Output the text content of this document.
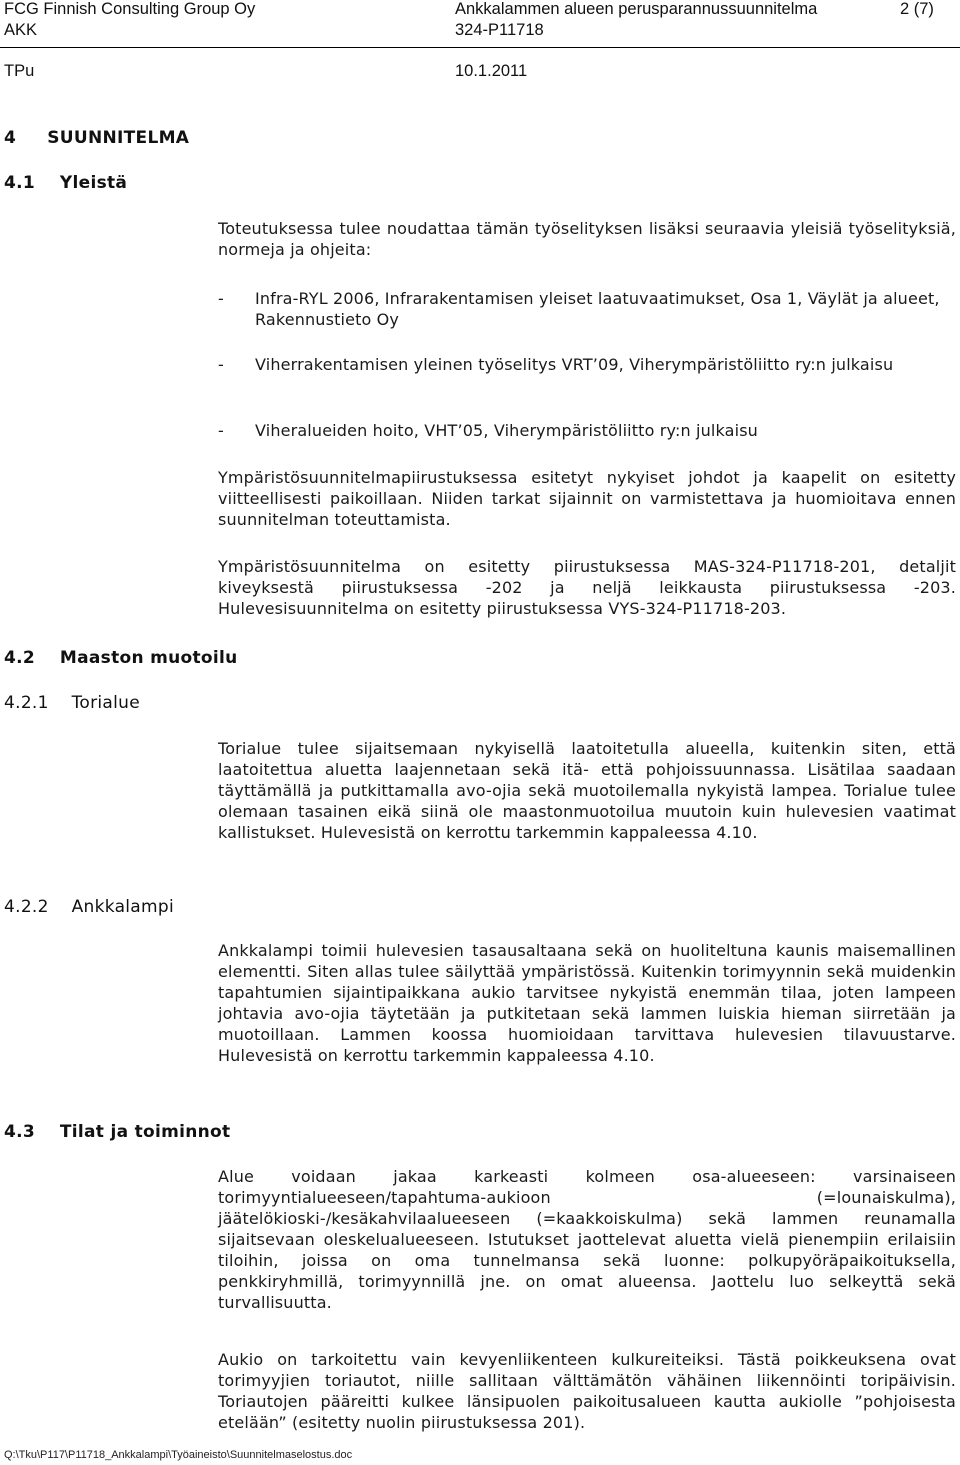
FCG Finnish Consulting Group Oy	Ankkalammen alueen perusparannussuunnitelma	2 (7)
AKK	324-P11718
TPu	10.1.2011
4     SUUNNITELMA
4.1    Yleistä
Toteutuksessa tulee noudattaa tämän työselityksen lisäksi seuraavia yleisiä työselityksiä, normeja ja ohjeita:
- Infra-RYL 2006, Infrarakentamisen yleiset laatuvaatimukset, Osa 1, Väylät ja alueet, Rakennustieto Oy
- Viherrakentamisen yleinen työselitys VRT’09, Viherympäristöliitto ry:n julkaisu
- Viheralueiden hoito, VHT’05, Viherympäristöliitto ry:n julkaisu
Ympäristösuunnitelmapiirustuksessa esitetyt nykyiset johdot ja kaapelit on esitetty viitteellisesti paikoillaan. Niiden tarkat sijainnit on varmistettava ja huomioitava ennen suunnitelman toteuttamista.
Ympäristösuunnitelma on esitetty piirustuksessa MAS-324-P11718-201, detaljit kiveyksestä piirustuksessa -202 ja neljä leikkausta piirustuksessa -203. Hulevesisuunnitelma on esitetty piirustuksessa VYS-324-P11718-203.
4.2    Maaston muotoilu
4.2.1    Torialue
Torialue tulee sijaitsemaan nykyisellä laatoitetulla alueella, kuitenkin siten, että laatoitettua aluetta laajennetaan sekä itä- että pohjoissuunnassa. Lisätilaa saadaan täyttämällä ja putkittamalla avo-ojia sekä muotoilemalla nykyistä lampea. Torialue tulee olemaan tasainen eikä siinä ole maastonmuotoilua muutoin kuin hulevesien vaatimat kallistukset. Hulevesistä on kerrottu tarkemmin kappaleessa 4.10.
4.2.2    Ankkalampi
Ankkalampi toimii hulevesien tasausaltaana sekä on huoliteltuna kaunis maisemallinen elementti. Siten allas tulee säilyttää ympäristössä. Kuitenkin torimyynnin sekä muidenkin tapahtumien sijaintipaikkana aukio tarvitsee nykyistä enemmän tilaa, joten lampeen johtavia avo-ojia täytetään ja putkitetaan sekä lammen luiskia hieman siirretään ja muotoillaan. Lammen koossa huomioidaan tarvittava hulevesien tilavuustarve. Hulevesistä on kerrottu tarkemmin kappaleessa 4.10.
4.3    Tilat ja toiminnot
Alue voidaan jakaa karkeasti kolmeen osa-alueeseen: varsinaiseen torimyyntialueeseen/tapahtuma-aukioon (=lounaiskulma), jäätelökioski-/kesäkahvilaalueeseen (=kaakkoiskulma) sekä lammen reunamalla sijaitsevaan oleskelualueeseen. Istutukset jaottelevat aluetta vielä pienempiin erilaisiin tiloihin, joissa on oma tunnelmansa sekä luonne: polkupyöräpaikoituksella, penkkiryhmillä, torimyynnillä jne. on omat alueensa. Jaottelu luo selkeyttä sekä turvallisuutta.
Aukio on tarkoitettu vain kevyenliikenteen kulkureiteiksi. Tästä poikkeuksena ovat torimyyjien toriautot, niille sallitaan välttämätön vähäinen liikennöinti toripäivisin. Toriautojen pääreitti kulkee länsipuolen paikoitusalueen kautta aukiolle ”pohjoisesta etelään” (esitetty nuolin piirustuksessa 201).
Q:\Tku\P117\P11718_Ankkalampi\Työaineisto\Suunnitelmaselostus.doc
